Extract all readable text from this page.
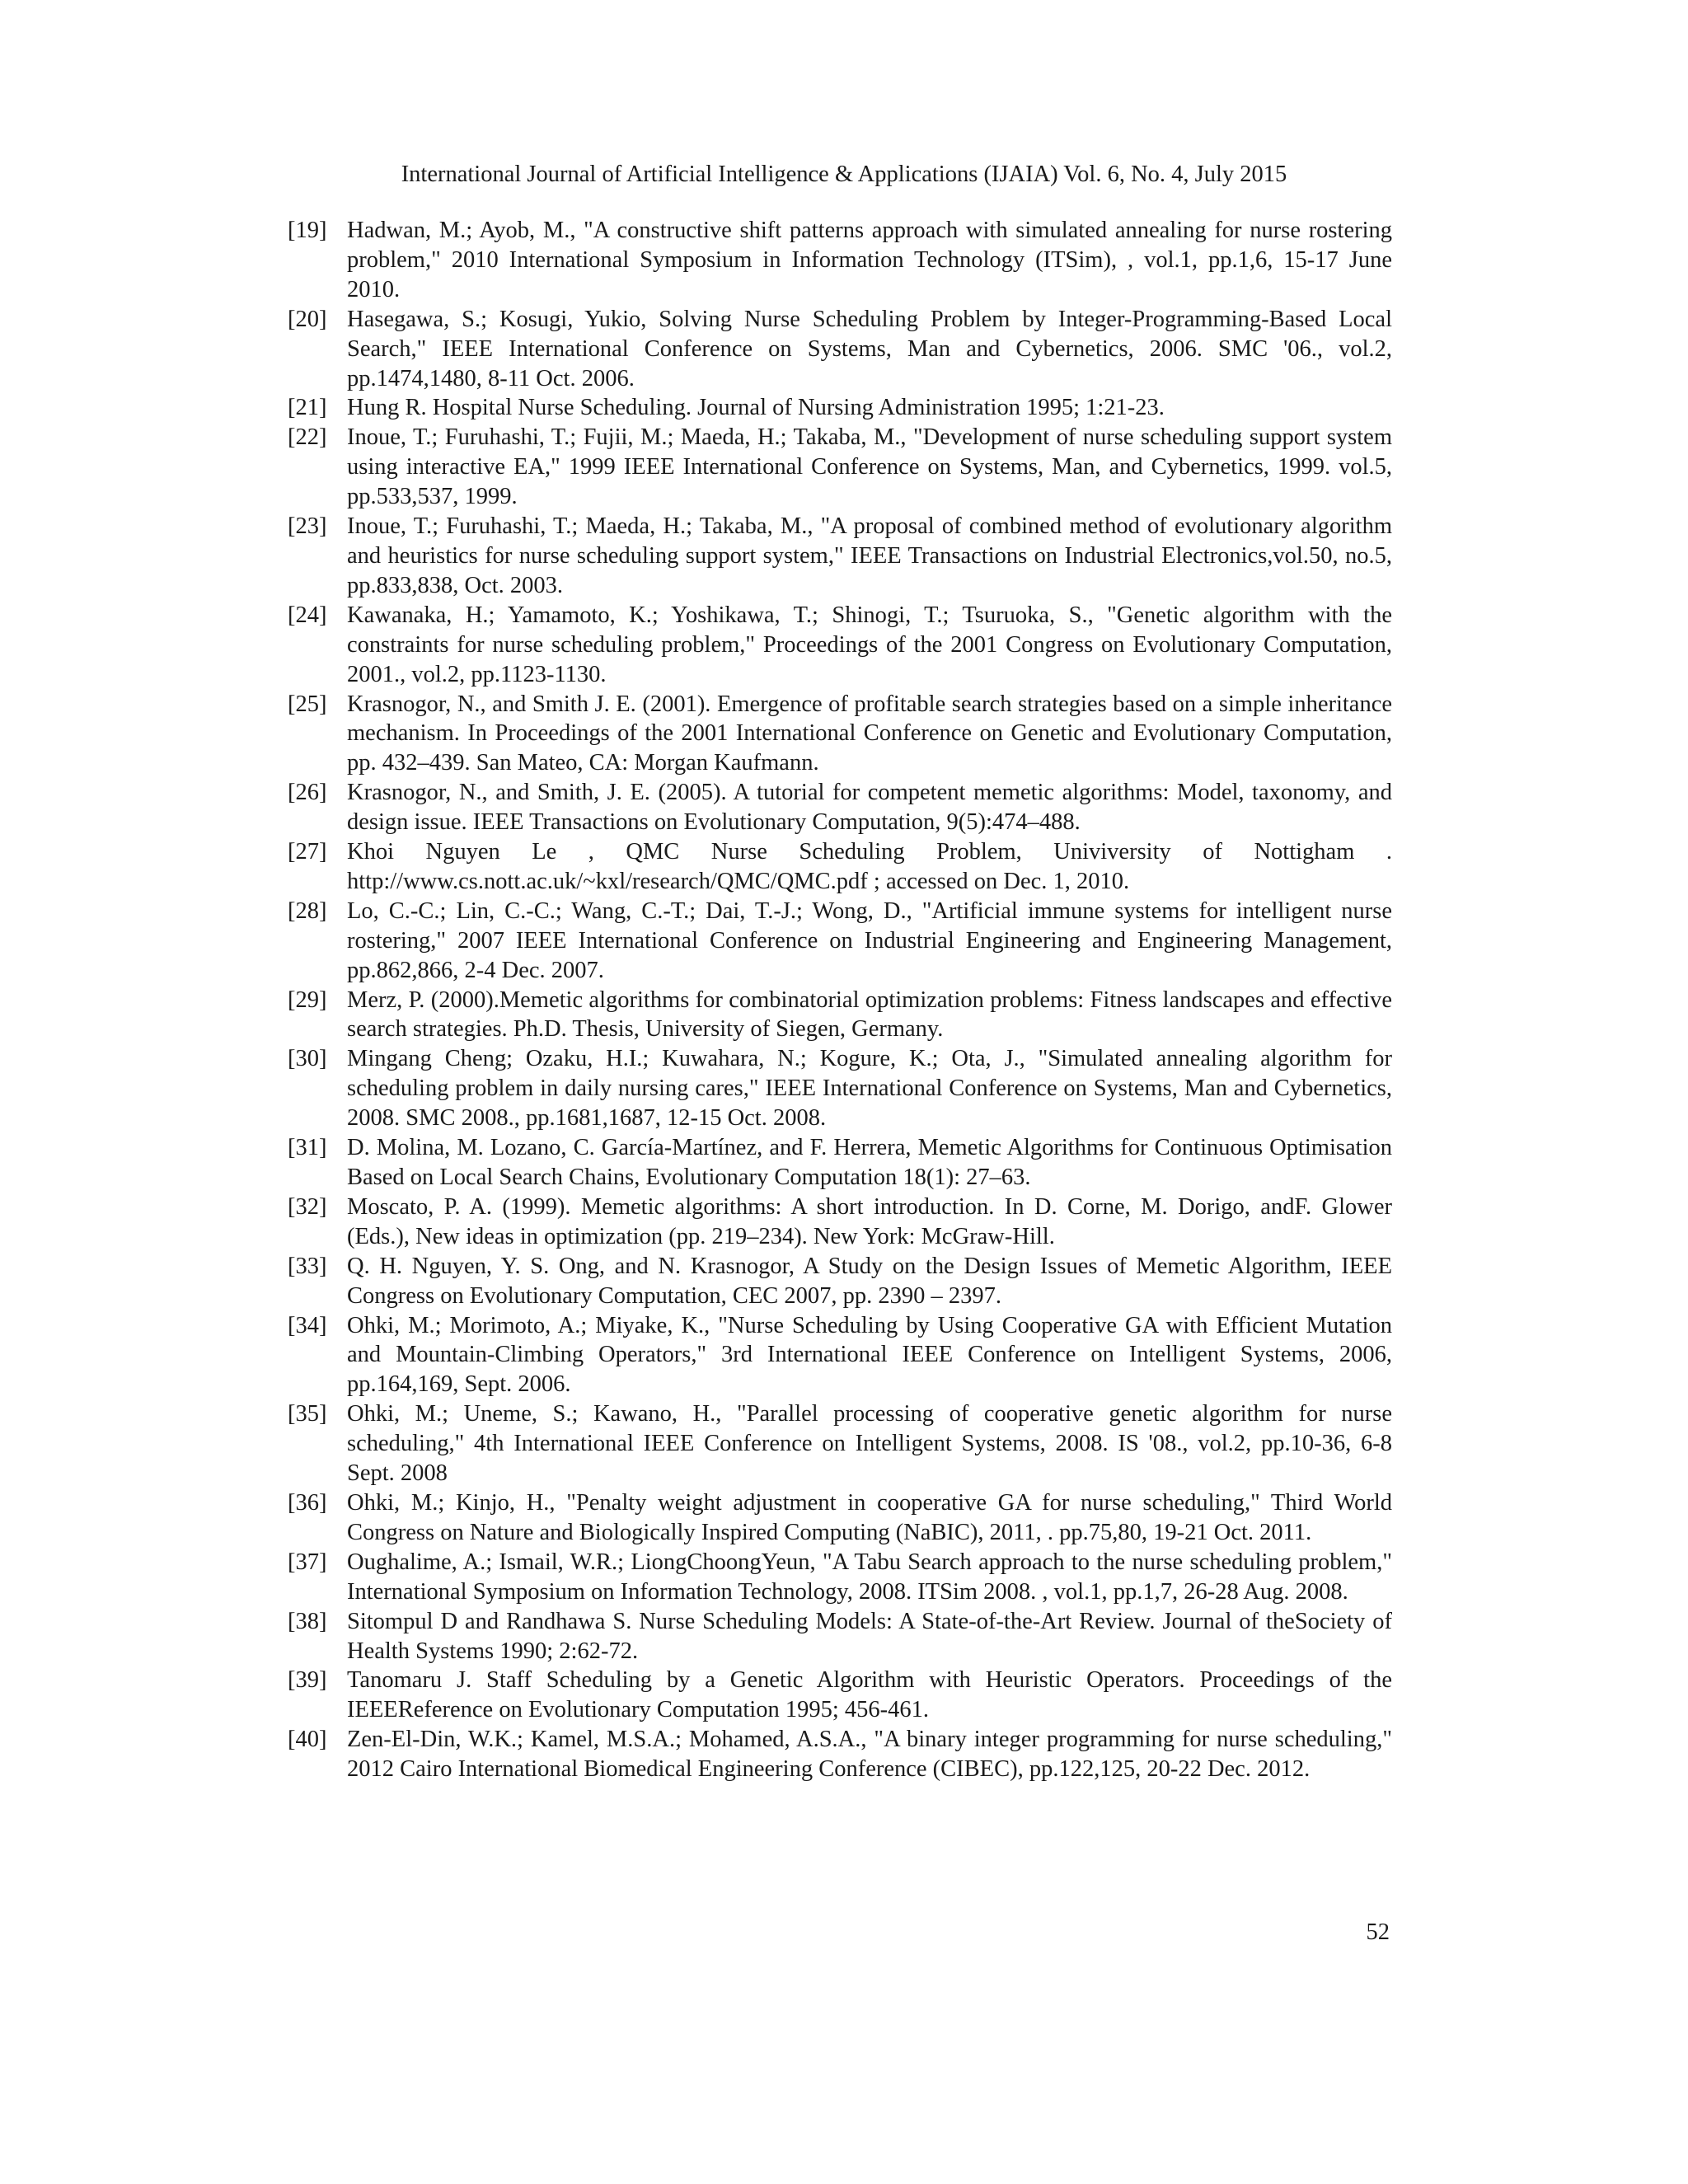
International Journal of Artificial Intelligence & Applications (IJAIA) Vol. 6, No. 4, July 2015
[19] Hadwan, M.; Ayob, M., "A constructive shift patterns approach with simulated annealing for nurse rostering problem," 2010 International Symposium in Information Technology (ITSim), , vol.1, pp.1,6, 15-17 June 2010.
[20] Hasegawa, S.; Kosugi, Yukio, Solving Nurse Scheduling Problem by Integer-Programming-Based Local Search," IEEE International Conference on Systems, Man and Cybernetics, 2006. SMC '06., vol.2, pp.1474,1480, 8-11 Oct. 2006.
[21] Hung R. Hospital Nurse Scheduling. Journal of Nursing Administration 1995; 1:21-23.
[22] Inoue, T.; Furuhashi, T.; Fujii, M.; Maeda, H.; Takaba, M., "Development of nurse scheduling support system using interactive EA," 1999 IEEE International Conference on Systems, Man, and Cybernetics, 1999. vol.5, pp.533,537, 1999.
[23] Inoue, T.; Furuhashi, T.; Maeda, H.; Takaba, M., "A proposal of combined method of evolutionary algorithm and heuristics for nurse scheduling support system," IEEE Transactions on Industrial Electronics,vol.50, no.5, pp.833,838, Oct. 2003.
[24] Kawanaka, H.; Yamamoto, K.; Yoshikawa, T.; Shinogi, T.; Tsuruoka, S., "Genetic algorithm with the constraints for nurse scheduling problem," Proceedings of the 2001 Congress on Evolutionary Computation, 2001., vol.2, pp.1123-1130.
[25] Krasnogor, N., and Smith J. E. (2001). Emergence of profitable search strategies based on a simple inheritance mechanism. In Proceedings of the 2001 International Conference on Genetic and Evolutionary Computation, pp. 432–439. San Mateo, CA: Morgan Kaufmann.
[26] Krasnogor, N., and Smith, J. E. (2005). A tutorial for competent memetic algorithms: Model, taxonomy, and design issue. IEEE Transactions on Evolutionary Computation, 9(5):474–488.
[27] Khoi Nguyen Le , QMC Nurse Scheduling Problem, Univiversity of Nottigham . http://www.cs.nott.ac.uk/~kxl/research/QMC/QMC.pdf ; accessed on Dec. 1, 2010.
[28] Lo, C.-C.; Lin, C.-C.; Wang, C.-T.; Dai, T.-J.; Wong, D., "Artificial immune systems for intelligent nurse rostering," 2007 IEEE International Conference on Industrial Engineering and Engineering Management, pp.862,866, 2-4 Dec. 2007.
[29] Merz, P. (2000).Memetic algorithms for combinatorial optimization problems: Fitness landscapes and effective search strategies. Ph.D. Thesis, University of Siegen, Germany.
[30] Mingang Cheng; Ozaku, H.I.; Kuwahara, N.; Kogure, K.; Ota, J., "Simulated annealing algorithm for scheduling problem in daily nursing cares," IEEE International Conference on Systems, Man and Cybernetics, 2008. SMC 2008., pp.1681,1687, 12-15 Oct. 2008.
[31] D. Molina, M. Lozano, C. García-Martínez, and F. Herrera, Memetic Algorithms for Continuous Optimisation Based on Local Search Chains, Evolutionary Computation 18(1): 27–63.
[32] Moscato, P. A. (1999). Memetic algorithms: A short introduction. In D. Corne, M. Dorigo, andF. Glower (Eds.), New ideas in optimization (pp. 219–234). New York: McGraw-Hill.
[33] Q. H. Nguyen, Y. S. Ong, and N. Krasnogor, A Study on the Design Issues of Memetic Algorithm, IEEE Congress on Evolutionary Computation, CEC 2007, pp. 2390 – 2397.
[34] Ohki, M.; Morimoto, A.; Miyake, K., "Nurse Scheduling by Using Cooperative GA with Efficient Mutation and Mountain-Climbing Operators," 3rd International IEEE Conference on Intelligent Systems, 2006, pp.164,169, Sept. 2006.
[35] Ohki, M.; Uneme, S.; Kawano, H., "Parallel processing of cooperative genetic algorithm for nurse scheduling," 4th International IEEE Conference on Intelligent Systems, 2008. IS '08., vol.2, pp.10-36, 6-8 Sept. 2008
[36] Ohki, M.; Kinjo, H., "Penalty weight adjustment in cooperative GA for nurse scheduling," Third World Congress on Nature and Biologically Inspired Computing (NaBIC), 2011, . pp.75,80, 19-21 Oct. 2011.
[37] Oughalime, A.; Ismail, W.R.; LiongChoongYeun, "A Tabu Search approach to the nurse scheduling problem," International Symposium on Information Technology, 2008. ITSim 2008. , vol.1, pp.1,7, 26-28 Aug. 2008.
[38] Sitompul D and Randhawa S. Nurse Scheduling Models: A State-of-the-Art Review. Journal of theSociety of Health Systems 1990; 2:62-72.
[39] Tanomaru J. Staff Scheduling by a Genetic Algorithm with Heuristic Operators. Proceedings of the IEEEReference on Evolutionary Computation 1995; 456-461.
[40] Zen-El-Din, W.K.; Kamel, M.S.A.; Mohamed, A.S.A., "A binary integer programming for nurse scheduling," 2012 Cairo International Biomedical Engineering Conference (CIBEC), pp.122,125, 20-22 Dec. 2012.
52
